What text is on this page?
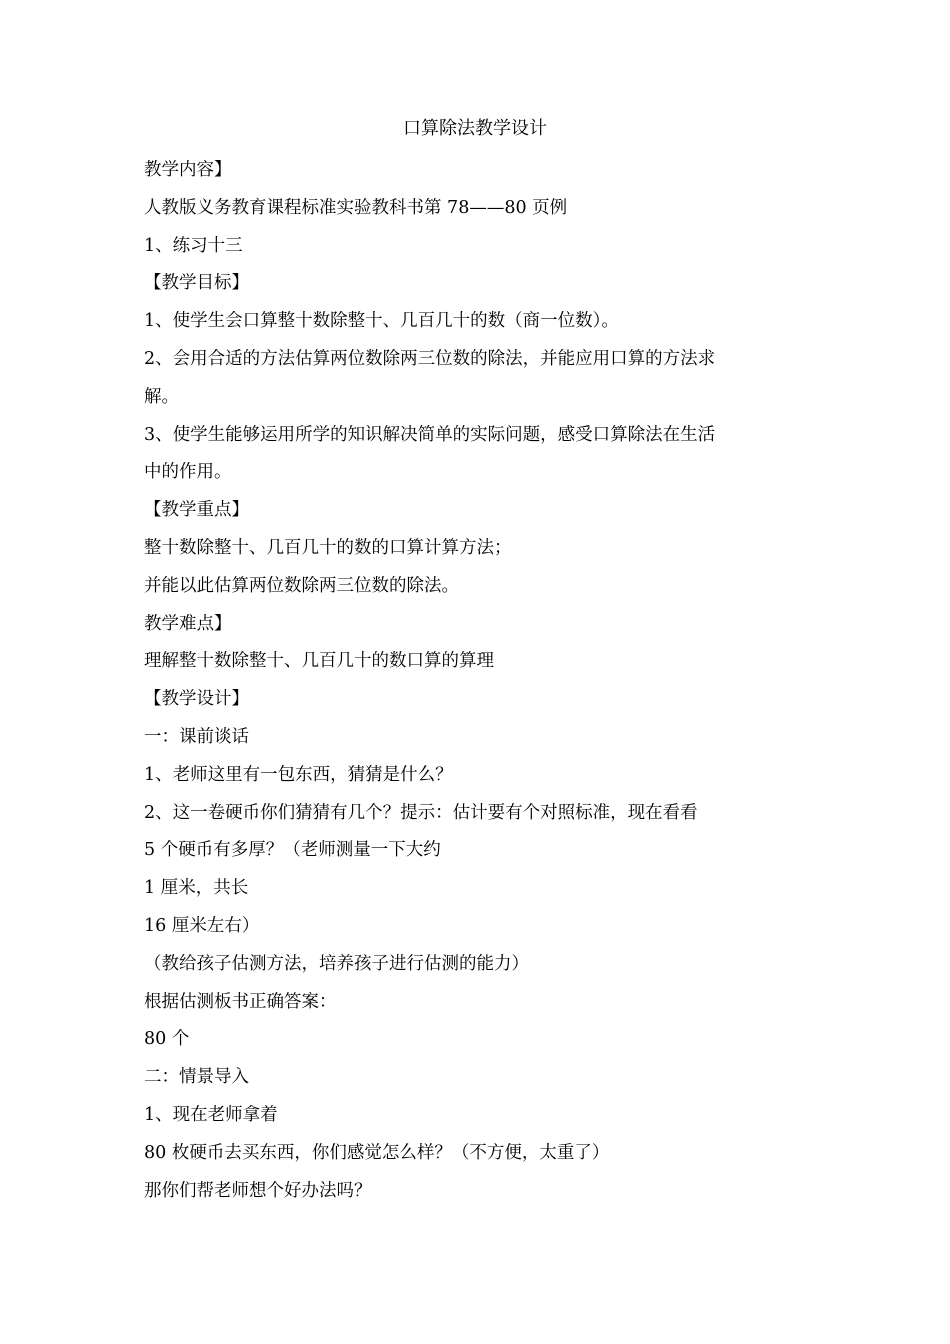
口算除法教学设计

教学内容】

人教版义务教育课程标准实验教科书第 78——80 页例

1、练习十三

【教学目标】

1、使学生会口算整十数除整十、几百几十的数（商一位数）。

2、会用合适的方法估算两位数除两三位数的除法，并能应用口算的方法求

解。

3、使学生能够运用所学的知识解决简单的实际问题，感受口算除法在生活

中的作用。

【教学重点】

整十数除整十、几百几十的数的口算计算方法；

并能以此估算两位数除两三位数的除法。

教学难点】

理解整十数除整十、几百几十的数口算的算理

【教学设计】

一：课前谈话

1、老师这里有一包东西，猜猜是什么？

2、这一卷硬币你们猜猜有几个？提示：估计要有个对照标准，现在看看

5 个硬币有多厚？（老师测量一下大约

1 厘米，共长

16 厘米左右）

（教给孩子估测方法，培养孩子进行估测的能力）

根据估测板书正确答案：

80 个

二：情景导入

1、现在老师拿着

80 枚硬币去买东西，你们感觉怎么样？（不方便，太重了）

那你们帮老师想个好办法吗？
